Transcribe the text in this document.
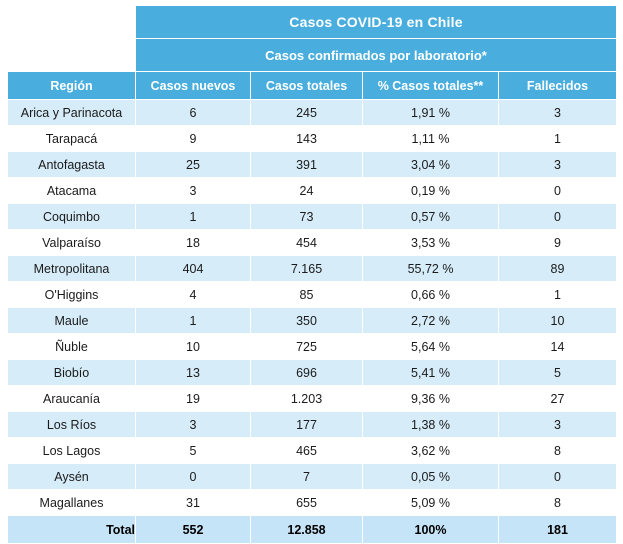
	Casos COVID-19 en Chile			
	Casos confirmados por laboratorio*			
Región	Casos nuevos	Casos totales	% Casos totales**	Fallecidos
Arica y Parinacota	6	245	1,91 %	3
Tarapacá	9	143	1,11 %	1
Antofagasta	25	391	3,04 %	3
Atacama	3	24	0,19 %	0
Coquimbo	1	73	0,57 %	0
Valparaíso	18	454	3,53 %	9
Metropolitana	404	7.165	55,72 %	89
O'Higgins	4	85	0,66 %	1
Maule	1	350	2,72 %	10
Ñuble	10	725	5,64 %	14
Biobío	13	696	5,41 %	5
Araucanía	19	1.203	9,36 %	27
Los Ríos	3	177	1,38 %	3
Los Lagos	5	465	3,62 %	8
Aysén	0	7	0,05 %	0
Magallanes	31	655	5,09 %	8
Total	552	12.858	100%	181
